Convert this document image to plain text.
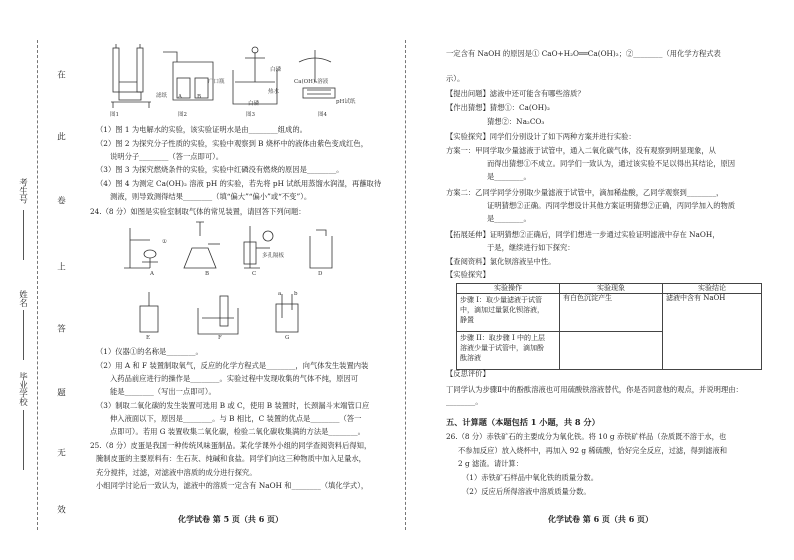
在
此
卷
上
答
题
无
效
考生号
姓名
毕业学校
图1	图2	图3	图4
滤纸 A	B
广口瓶
白磷
热水
白磷
Ca(OH)₂溶液
pH试纸
（1）图 1 为电解水的实验，该实验证明水是由________组成的。
（2）图 2 为探究分子性质的实验，实验中观察到 B 烧杯中的液体由紫色变成红色，
说明分子________（答一点即可）。
（3）图 3 为探究燃烧条件的实验，实验中红磷没有燃烧的原因是________。
（4）图 4 为测定 Ca(OH)₂ 溶液 pH 的实验，若先将 pH 试纸用蒸馏水润湿，再蘸取待
测液，则导致测得结果________（填“偏大”“偏小”或“不变”）。
24.（8 分）如图是实验室制取气体的常见装置，请回答下列问题：
A	B	C	D
E	F	G
多孔隔板
①
a b
（1）仪器①的名称是________。
（2）用 A 和 F 装置制取氧气，反应的化学方程式是________，向气体发生装置内装
入药品前应进行的操作是________。实验过程中发现收集的气体不纯，原因可
能是________（写出一点即可）。
（3）制取二氧化碳的发生装置可选用 B 或 C，使用 B 装置时，长颈漏斗末端管口应
伸入液面以下，原因是________。与 B 相比，C 装置的优点是________（答一
点即可）。若用 G 装置收集二氧化碳，检验二氧化碳收集满的方法是________。
25.（8 分）皮蛋是我国一种传统风味蛋制品。某化学课外小组的同学查阅资料后得知，
腌制皮蛋的主要原料有：生石灰、纯碱和食盐。同学们向这三种物质中加入足量水，
充分搅拌，过滤，对滤液中溶质的成分进行探究。
小组同学讨论后一致认为，滤液中的溶质一定含有 NaOH 和________（填化学式），
化学试卷 第 5 页（共 6 页）
一定含有 NaOH 的原因是① CaO+H₂O══Ca(OH)₂；②________（用化学方程式表
示）。
【提出问题】滤液中还可能含有哪些溶质？
【作出猜想】猜想①：Ca(OH)₂
猜想②：Na₂CO₃
【实验探究】同学们分别设计了如下两种方案并进行实验：
方案一：甲同学取少量滤液于试管中，通入二氧化碳气体，没有观察到明显现象，从
而得出猜想①不成立。同学们一致认为，通过该实验不足以得出其结论，原因
是________。
方案二：乙同学同学分别取少量滤液于试管中，滴加稀盐酸，乙同学观察到________，
证明猜想②正确。丙同学想设计其他方案证明猜想②正确，丙同学加入的物质
是________。
【拓展延伸】证明猜想②正确后，同学们想进一步通过实验证明滤液中存在 NaOH，
于是，继续进行如下探究：
【查阅资料】氯化钡溶液呈中性。
【实验探究】
实验操作	实验现象	实验结论

步骤 I：取少量滤液于试管
中，滴加过量氯化钡溶液，
静置	有白色沉淀产生	滤液中含有 NaOH

步骤 II：取步骤 I 中的上层
溶液少量于试管中，滴加酚
酞溶液		

【反思评价】
丁同学认为步骤Ⅱ中的酚酞溶液也可用硫酸铁溶液替代，你是否同意他的观点，并说明理由：________。
五、计算题（本题包括 1 小题，共 8 分）
26.（8 分）赤铁矿石的主要成分为氧化铁。将 10 g 赤铁矿样品（杂质既不溶于水，也
不参加反应）放入烧杯中，再加入 92 g 稀硫酸，恰好完全反应，过滤，得到滤液和
2 g 滤渣。请计算：
（1）赤铁矿石样品中氧化铁的质量分数。
（2）反应后所得溶液中溶质质量分数。
化学试卷 第 6 页（共 6 页）
